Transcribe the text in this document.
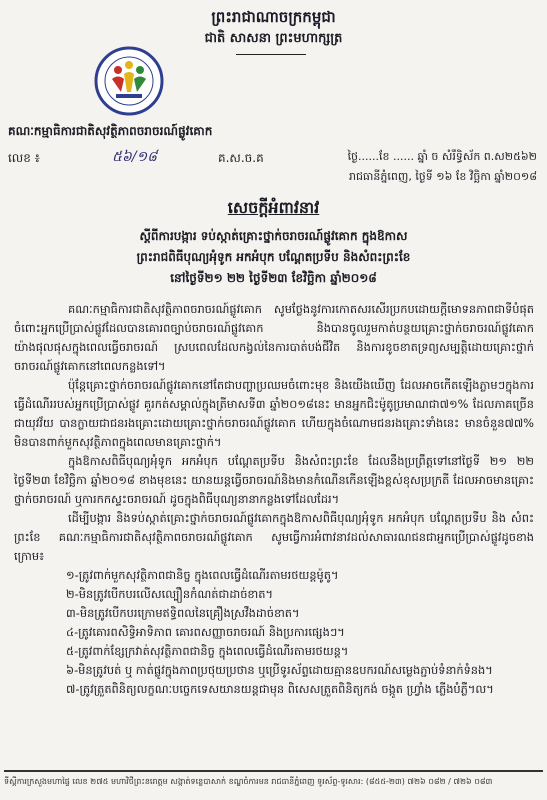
ព្រះរាជាណាចក្រកម្ពុជា
ជាតិ សាសនា ព្រះមហាក្សត្រ
គណៈកម្មាធិការជាតិសុវត្ថិភាពចរាចរណ៍ផ្លូវគោក
លេខ ៖	៥៦/១៨	គ.ស.ច.គ	ថ្ងៃ......ខែ ...... ឆ្នាំ ច សំរឹទ្ធិស័ក ព.ស២៥៦២
រាជធានីភ្នំពេញ, ថ្ងៃទី ១៦ ខែ វិច្ឆិកា ឆ្នាំ២០១៨
សេចក្តីអំពាវនាវ
ស្តីពីការបង្ការ ទប់ស្កាត់គ្រោះថ្នាក់ចរាចរណ៍ផ្លូវគោក ក្នុងឱកាស
ព្រះរាជពិធីបុណ្យអុំទូក អកអំបុក បណ្តែតប្រទីប និងសំពះព្រះខែ
នៅថ្ងៃទី២១ ២២ ថ្ងៃទី២៣ ខែវិច្ឆិកា ឆ្នាំ២០១៨

គណៈកម្មាធិការជាតិសុវត្ថិភាពចរាចរណ៍ផ្លូវគោក សូមថ្លែងនូវការកោតសរសើរប្រកបដោយក្តីមោទនភាពជាទីបំផុត ចំពោះអ្នកប្រើប្រាស់ផ្លូវដែលបានគោរពច្បាប់ចរាចរណ៍ផ្លូវគោក និងបានចូលរួមកាត់បន្ថយគ្រោះថ្នាក់ចរាចរណ៍ផ្លូវគោក យ៉ាងផុលផុសក្នុងពេលធ្វើចរាចរណ៍ ស្របពេលដែលកង្វល់នៃការបាត់បង់ជីវិត និងការខូចខាតទ្រព្យសម្បត្តិដោយគ្រោះថ្នាក់ចរាចរណ៍ផ្លូវគោកនៅពេលកន្លងទៅ។

ប៉ុន្តែគ្រោះថ្នាក់ចរាចរណ៍ផ្លូវគោកនៅតែជាបញ្ហាប្រឈមចំពោះមុខ និងយើងឃើញ ដែលអាចកើតឡើងភ្លាមៗក្នុងការធ្វើដំណើររបស់អ្នកប្រើប្រាស់ផ្លូវ គួរកត់សម្គាល់ក្នុងត្រីមាសទី៣ ឆ្នាំ២០១៨នេះ មានអ្នកជិះម៉ូតូប្រមាណជា៧១% ដែលភាគច្រើនជាយុវវ័យ បានក្លាយជាជនរងគ្រោះដោយគ្រោះថ្នាក់ចរាចរណ៍ផ្លូវគោក ហើយក្នុងចំណោមជនរងគ្រោះទាំងនេះ មានចំនួន៧៧% មិនបានពាក់មួកសុវត្ថិភាពក្នុងពេលមានគ្រោះថ្នាក់។

ក្នុងឱកាសពិធីបុណ្យអុំទូក អកអំបុក បណ្តែតប្រទីប និងសំពះព្រះខែ ដែលនឹងប្រព្រឹត្តទៅនៅថ្ងៃទី ២១ ២២ ថ្ងៃទី២៣ ខែវិច្ឆិកា ឆ្នាំ២០១៨ ខាងមុខនេះ យានយន្តធ្វើចរាចរណ៍និងមានកំណើនកើនឡើងខ្ពស់ខុសប្រក្រតី ដែលអាចមានគ្រោះថ្នាក់ចរាចរណ៍ ឬការកកស្ទះចរាចរណ៍ ដូចក្នុងពិធីបុណ្យនានាកន្លងទៅដែលដែរ។

ដើម្បីបង្ការ និងទប់ស្កាត់គ្រោះថ្នាក់ចរាចរណ៍ផ្លូវគោកក្នុងឱកាសពិធីបុណ្យអុំទូក អកអំបុក បណ្តែតប្រទីប និង សំពះព្រះខែ គណៈកម្មាធិការជាតិសុវត្ថិភាពចរាចរណ៍ផ្លូវគោក សូមធ្វើការអំពាវនាវដល់សាធារណជនជាអ្នកប្រើប្រាស់ផ្លូវដូចខាងក្រោម៖

១-ត្រូវពាក់មួកសុវត្ថិភាពជានិច្ច ក្នុងពេលធ្វើដំណើរតាមរថយន្តម៉ូតូ។
២-មិនត្រូវបើកបរលើសល្បឿនកំណត់ជាដាច់ខាត។
៣-មិនត្រូវបើកបរក្រោមឥទ្ធិពលនៃគ្រឿងស្រវឹងដាច់ខាត។
៤-ត្រូវគោរពសិទ្ធិអាទិភាព គោរពសញ្ញាចរាចរណ៍ និងប្រការផ្សេងៗ។
៥-ត្រូវពាក់ខ្សែក្រវាត់សុវត្ថិភាពជានិច្ច ក្នុងពេលធ្វើដំណើរតាមរថយន្ត។
៦-មិនត្រូវបត់ ឬ កាត់ផ្លូវក្នុងភាពប្រថុយប្រថាន ឬប្រើទូរស័ព្ទដោយគ្មានឧបករណ៍សម្លេងភ្ជាប់ទំនាក់ទំនង។
៧-ត្រូវត្រួតពិនិត្យលក្ខណៈបច្ចេកទេសយានយន្តជាមុន ពិសេសត្រួតពិនិត្យកង់ ចង្កូត ហ្វ្រាំង ភ្លើងបំភ្លឺ។ល។
ទីស្តីការក្រសួងមហាផ្ទៃ លេខ ២៧៥ មហាវិថីព្រះនរោត្តម សង្កាត់ទន្លេបាសាក់ ខណ្ឌចំការមន រាជធានីភ្នំពេញ ទូរស័ព្ទ-ទូរសារ: (៨៥៥-២៣) ៧២៦ ០៨២ / ៧២៦ ០៨៣
